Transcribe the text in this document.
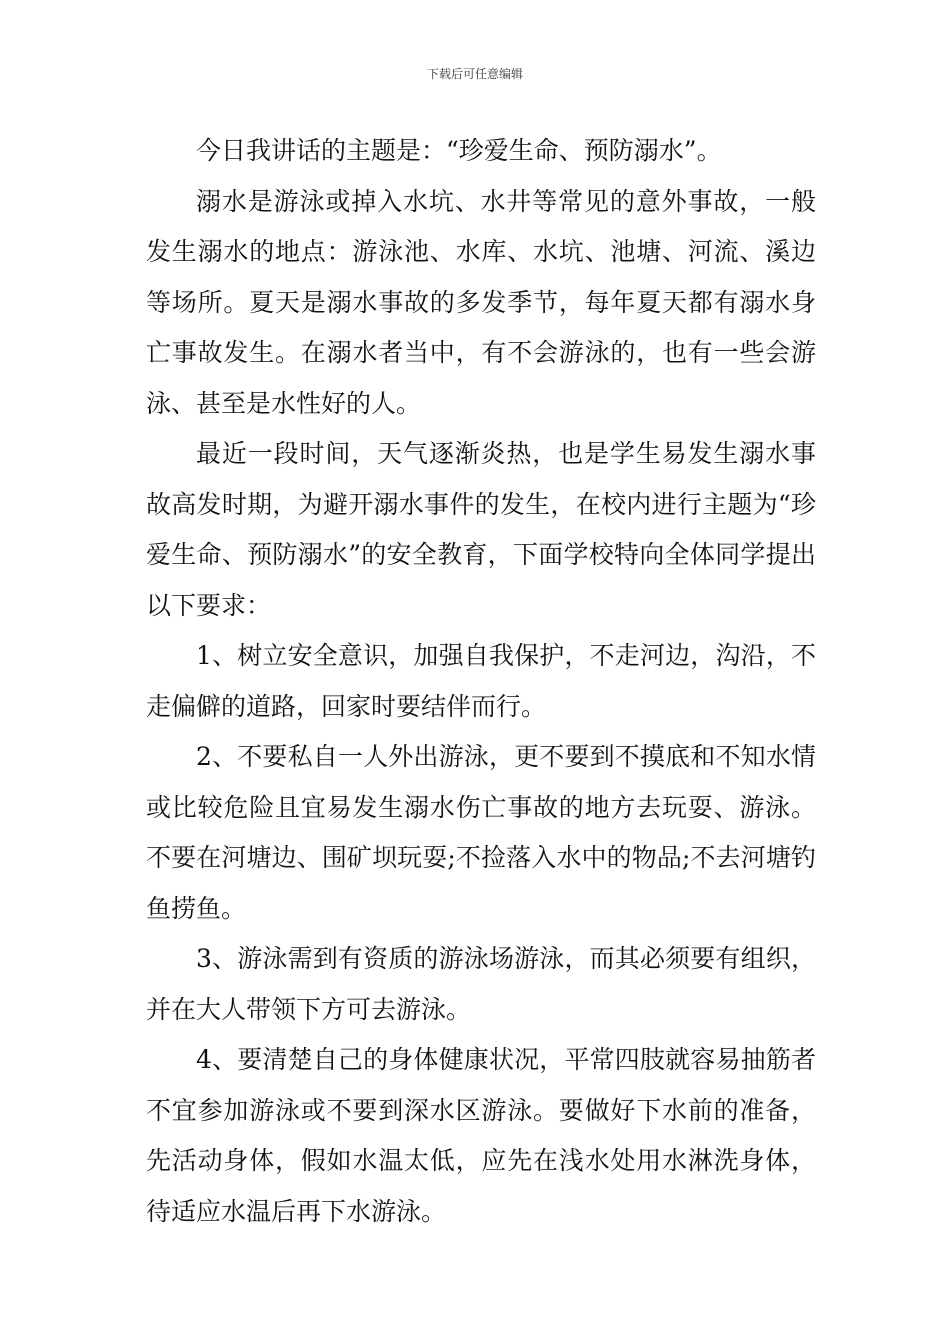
下载后可任意编辑

今日我讲话的主题是：“珍爱生命、预防溺水”。

溺水是游泳或掉入水坑、水井等常见的意外事故，一般发生溺水的地点：游泳池、水库、水坑、池塘、河流、溪边等场所。夏天是溺水事故的多发季节，每年夏天都有溺水身亡事故发生。在溺水者当中，有不会游泳的，也有一些会游泳、甚至是水性好的人。

最近一段时间，天气逐渐炎热，也是学生易发生溺水事故高发时期，为避开溺水事件的发生，在校内进行主题为“珍爱生命、预防溺水”的安全教育，下面学校特向全体同学提出以下要求：

1、树立安全意识，加强自我保护，不走河边，沟沿，不走偏僻的道路，回家时要结伴而行。

2、不要私自一人外出游泳，更不要到不摸底和不知水情或比较危险且宜易发生溺水伤亡事故的地方去玩耍、游泳。不要在河塘边、围矿坝玩耍;不捡落入水中的物品;不去河塘钓鱼捞鱼。

3、游泳需到有资质的游泳场游泳，而其必须要有组织，并在大人带领下方可去游泳。

4、要清楚自己的身体健康状况，平常四肢就容易抽筋者不宜参加游泳或不要到深水区游泳。要做好下水前的准备，先活动身体，假如水温太低，应先在浅水处用水淋洗身体，待适应水温后再下水游泳。
